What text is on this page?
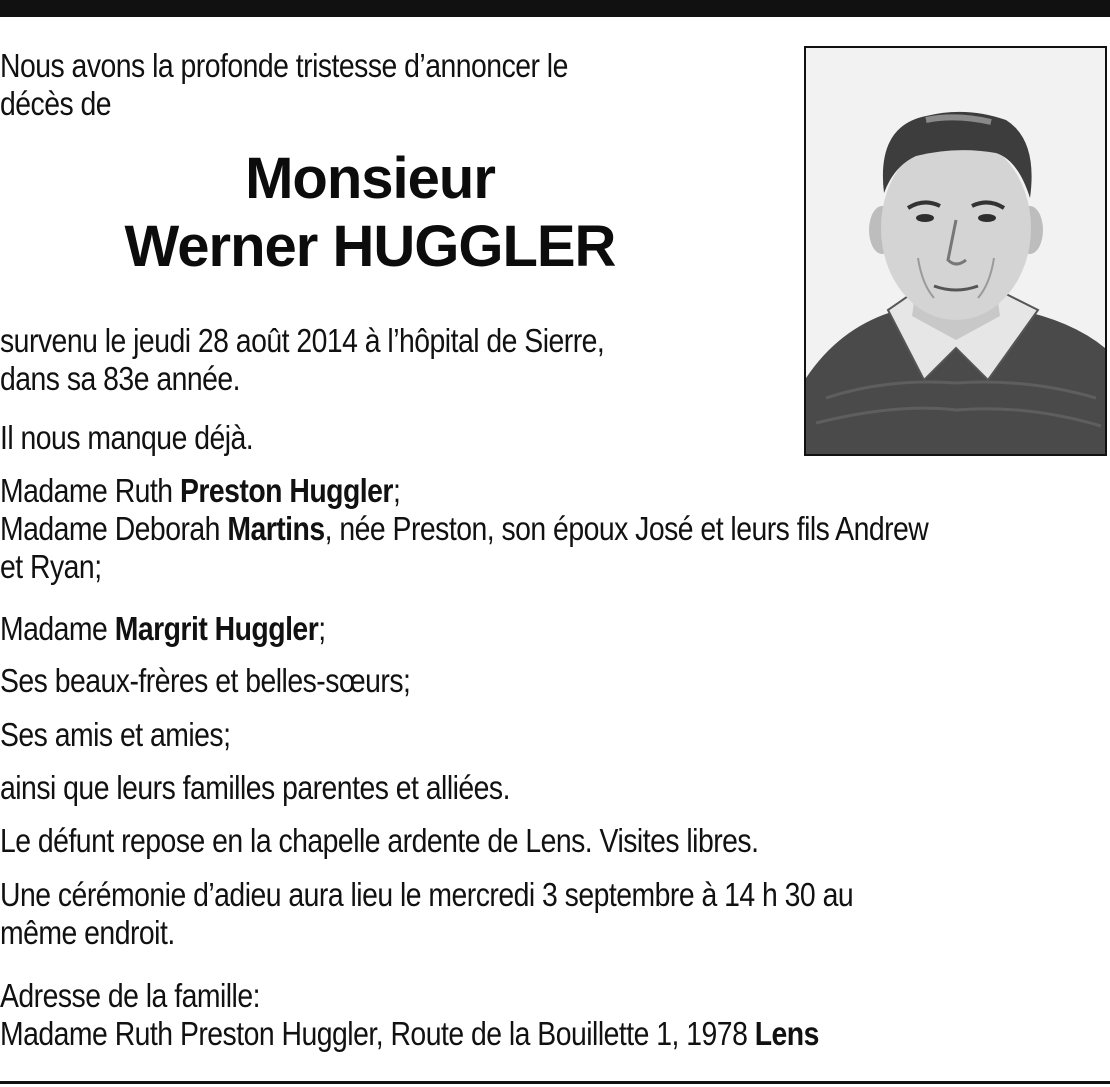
Nous avons la profonde tristesse d’annoncer le
décès de
Monsieur
Werner HUGGLER
survenu le jeudi 28 août 2014 à l’hôpital de Sierre,
dans sa 83e année.
Il nous manque déjà.
Madame Ruth Preston Huggler;
Madame Deborah Martins, née Preston, son époux José et leurs fils Andrew
et Ryan;
Madame Margrit Huggler;
Ses beaux-frères et belles-sœurs;
Ses amis et amies;
ainsi que leurs familles parentes et alliées.
Le défunt repose en la chapelle ardente de Lens. Visites libres.
Une cérémonie d’adieu aura lieu le mercredi 3 septembre à 14 h 30 au
même endroit.
Adresse de la famille:
Madame Ruth Preston Huggler, Route de la Bouillette 1, 1978 Lens
